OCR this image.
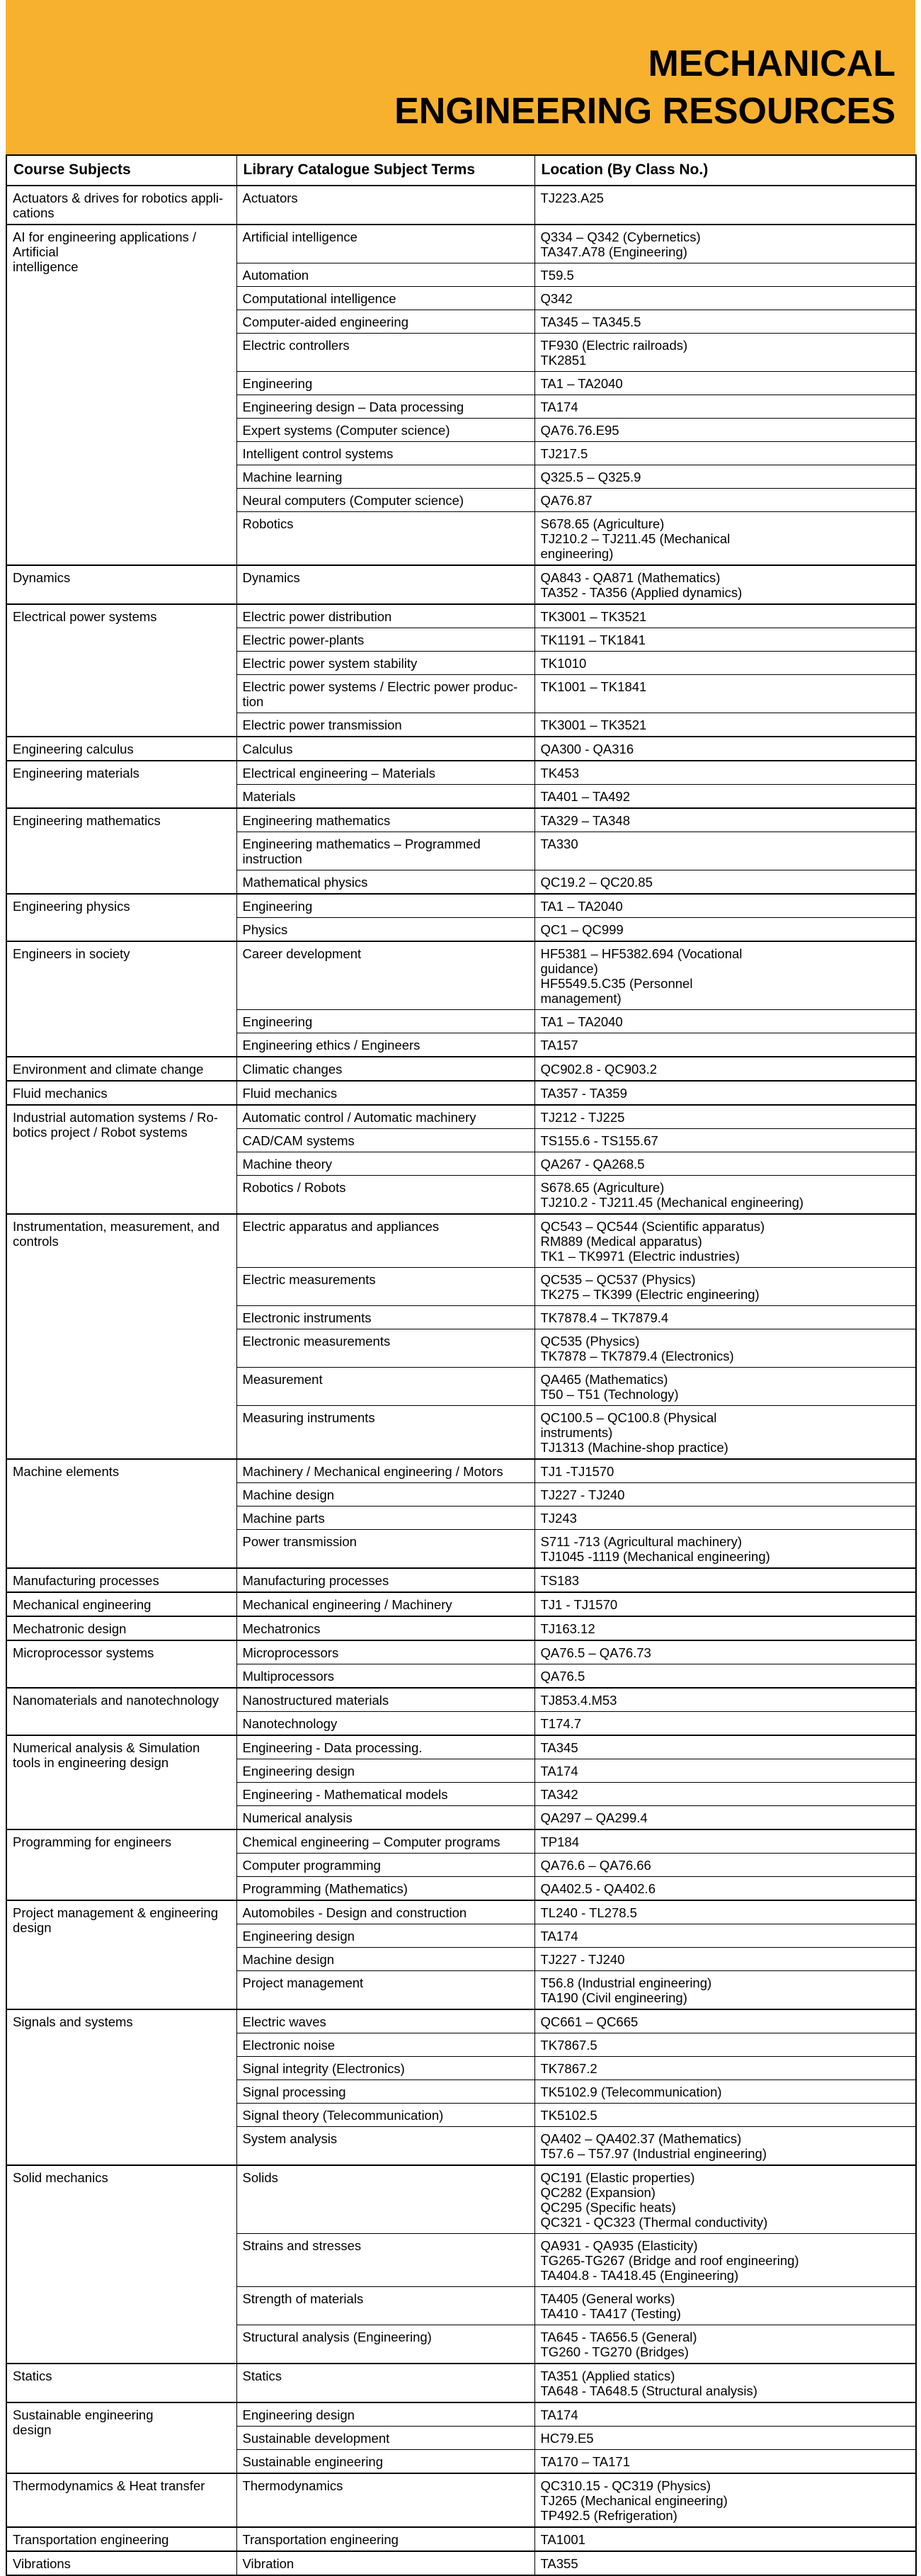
MECHANICAL
ENGINEERING RESOURCES
Course Subjects	Library Catalogue Subject Terms	Location (By Class No.)
Actuators & drives for robotics appli-
cations	Actuators	TJ223.A25
AI for engineering applications /
Artificial
intelligence	Artificial intelligence	Q334 – Q342 (Cybernetics)
TA347.A78 (Engineering)
	Automation	T59.5
	Computational intelligence	Q342
	Computer-aided engineering	TA345 – TA345.5
	Electric controllers	TF930 (Electric railroads)
TK2851
	Engineering	TA1 – TA2040
	Engineering design – Data processing	TA174
	Expert systems (Computer science)	QA76.76.E95
	Intelligent control systems	TJ217.5
	Machine learning	Q325.5 – Q325.9
	Neural computers (Computer science)	QA76.87
	Robotics	S678.65 (Agriculture)
TJ210.2 – TJ211.45 (Mechanical
engineering)
Dynamics	Dynamics	QA843 - QA871 (Mathematics)
TA352 - TA356 (Applied dynamics)
Electrical power systems	Electric power distribution	TK3001 – TK3521
	Electric power-plants	TK1191 – TK1841
	Electric power system stability	TK1010
	Electric power systems / Electric power produc-
tion	TK1001 – TK1841
	Electric power transmission	TK3001 – TK3521
Engineering calculus	Calculus	QA300 - QA316
Engineering materials	Electrical engineering – Materials	TK453
	Materials	TA401 – TA492
Engineering mathematics	Engineering mathematics	TA329 – TA348
	Engineering mathematics – Programmed
instruction	TA330
	Mathematical physics	QC19.2 – QC20.85
Engineering physics	Engineering	TA1 – TA2040
	Physics	QC1 – QC999
Engineers in society	Career development	HF5381 – HF5382.694 (Vocational
guidance)
HF5549.5.C35 (Personnel
management)
	Engineering	TA1 – TA2040
	Engineering ethics / Engineers	TA157
Environment and climate change	Climatic changes	QC902.8 - QC903.2
Fluid mechanics	Fluid mechanics	TA357 - TA359
Industrial automation systems / Ro-
botics project / Robot systems	Automatic control / Automatic machinery	TJ212 - TJ225
	CAD/CAM systems	TS155.6 - TS155.67
	Machine theory	QA267 - QA268.5
	Robotics / Robots	S678.65 (Agriculture)
TJ210.2 - TJ211.45 (Mechanical engineering)
Instrumentation, measurement, and
controls	Electric apparatus and appliances	QC543 – QC544 (Scientific apparatus)
RM889 (Medical apparatus)
TK1 – TK9971 (Electric industries)
	Electric measurements	QC535 – QC537 (Physics)
TK275 – TK399 (Electric engineering)
	Electronic instruments	TK7878.4 – TK7879.4
	Electronic measurements	QC535 (Physics)
TK7878 – TK7879.4 (Electronics)
	Measurement	QA465 (Mathematics)
T50 – T51 (Technology)
	Measuring instruments	QC100.5 – QC100.8 (Physical
instruments)
TJ1313 (Machine-shop practice)
Machine elements	Machinery / Mechanical engineering / Motors	TJ1 -TJ1570
	Machine design	TJ227 - TJ240
	Machine parts	TJ243
	Power transmission	S711 -713 (Agricultural machinery)
TJ1045 -1119 (Mechanical engineering)
Manufacturing processes	Manufacturing processes	TS183
Mechanical engineering	Mechanical engineering / Machinery	TJ1 - TJ1570
Mechatronic design	Mechatronics	TJ163.12
Microprocessor systems	Microprocessors	QA76.5 – QA76.73
	Multiprocessors	QA76.5
Nanomaterials and nanotechnology	Nanostructured materials	TJ853.4.M53
	Nanotechnology	T174.7
Numerical analysis & Simulation
tools in engineering design	Engineering - Data processing.	TA345
	Engineering design	TA174
	Engineering - Mathematical models	TA342
	Numerical analysis	QA297 – QA299.4
Programming for engineers	Chemical engineering – Computer programs	TP184
	Computer programming	QA76.6 – QA76.66
	Programming (Mathematics)	QA402.5 - QA402.6
Project management & engineering
design	Automobiles - Design and construction	TL240 - TL278.5
	Engineering design	TA174
	Machine design	TJ227 - TJ240
	Project management	T56.8 (Industrial engineering)
TA190 (Civil engineering)
Signals and systems	Electric waves	QC661 – QC665
	Electronic noise	TK7867.5
	Signal integrity (Electronics)	TK7867.2
	Signal processing	TK5102.9 (Telecommunication)
	Signal theory (Telecommunication)	TK5102.5
	System analysis	QA402 – QA402.37 (Mathematics)
T57.6 – T57.97 (Industrial engineering)
Solid mechanics	Solids	QC191 (Elastic properties)
QC282 (Expansion)
QC295 (Specific heats)
QC321 - QC323 (Thermal conductivity)
	Strains and stresses	QA931 - QA935 (Elasticity)
TG265-TG267 (Bridge and roof engineering)
TA404.8 - TA418.45 (Engineering)
	Strength of materials	TA405 (General works)
TA410 - TA417 (Testing)
	Structural analysis (Engineering)	TA645 - TA656.5 (General)
TG260 - TG270 (Bridges)
Statics	Statics	TA351 (Applied statics)
TA648 - TA648.5 (Structural analysis)
Sustainable engineering
design	Engineering design	TA174
	Sustainable development	HC79.E5
	Sustainable engineering	TA170 – TA171
Thermodynamics & Heat transfer	Thermodynamics	QC310.15 - QC319 (Physics)
TJ265 (Mechanical engineering)
TP492.5 (Refrigeration)
Transportation engineering	Transportation engineering	TA1001
Vibrations	Vibration	TA355
